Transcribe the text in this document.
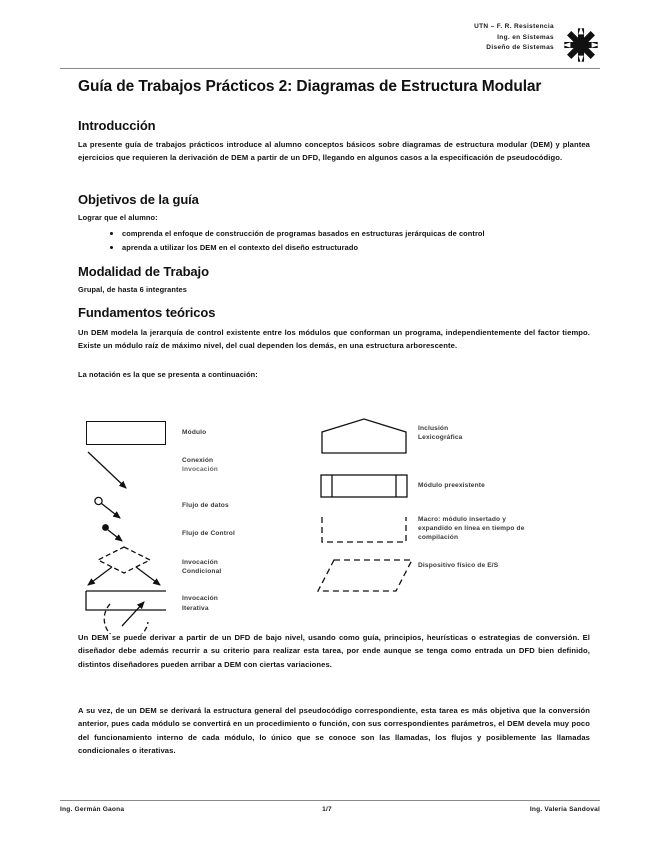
UTN – F. R. Resistencia
Ing. en Sistemas
Diseño de Sistemas
Guía de Trabajos Prácticos 2: Diagramas de Estructura Modular
Introducción

La presente guía de trabajos prácticos introduce al alumno conceptos básicos sobre diagramas de estructura modular (DEM) y plantea ejercicios que requieren la derivación de DEM a partir de un DFD, llegando en algunos casos a la especificación de pseudocódigo.

Objetivos de la guía

Lograr que el alumno:

comprenda el enfoque de construcción de programas basados en estructuras jerárquicas de control
aprenda a utilizar los DEM en el contexto del diseño estructurado
Modalidad de Trabajo

Grupal, de hasta 6 integrantes

Fundamentos teóricos

Un DEM modela la jerarquía de control existente entre los módulos que conforman un programa, independientemente del factor tiempo. Existe un módulo raíz de máximo nivel, del cual dependen los demás, en una estructura arborescente.

La notación es la que se presenta a continuación:

Módulo
Conexión
Invocación
Flujo de datos
Flujo de Control
Invocación
Condicional
Invocación
Iterativa
Inclusión
Lexicográfica
Módulo preexistente
Macro: módulo insertado y
expandido en línea en tiempo de
compilación
Dispositivo físico de E/S

Un DEM se puede derivar a partir de un DFD de bajo nivel, usando como guía, principios, heurísticas o estrategias de conversión. El diseñador debe además recurrir a su criterio para realizar esta tarea, por ende aunque se tenga como entrada un DFD bien definido, distintos diseñadores pueden arribar a DEM con ciertas variaciones.

A su vez, de un DEM se derivará la estructura general del pseudocódigo correspondiente, esta tarea es más objetiva que la conversión anterior, pues cada módulo se convertirá en un procedimiento o función, con sus correspondientes parámetros, el DEM devela muy poco del funcionamiento interno de cada módulo, lo único que se conoce son las llamadas, los flujos y posiblemente las llamadas condicionales o iterativas.

Ing. Germán Gaona	1/7	Ing. Valeria Sandoval
